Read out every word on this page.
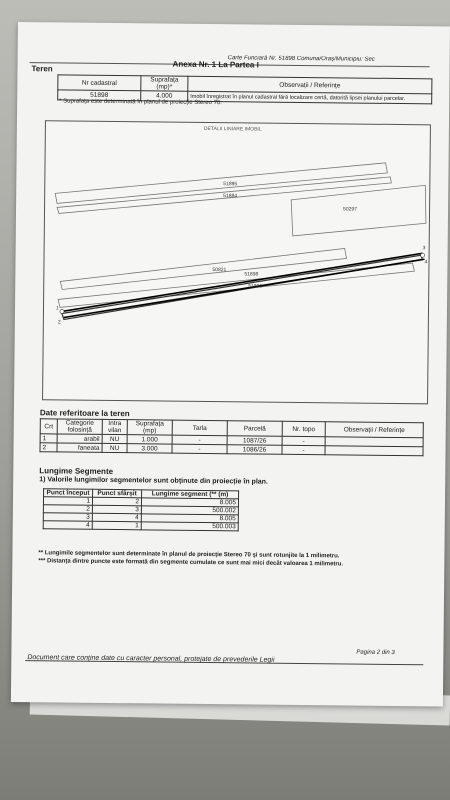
Carte Funciară Nr. 51898 Comuna/Oraș/Municipiu: Sec
Anexa Nr. 1 La Partea I
Teren
Nr cadastral	Suprafața (mp)*	Observații / Referințe
51898	4.000	Imobil înregistrat în planul cadastral fără localizare certă, datorită lipsei planului parcelar.
* Suprafața este determinată în planul de proiecție Stereo 70.
DETALII LINIARE IMOBIL
51895
51884
50297
50821
51898
51836
1
2
3
4
Date referitoare la teren
Crt	Categorie folosință	Intra vilan	Suprafața (mp)	Tarla	Parcelă	Nr. topo	Observații / Referințe
1	arabil	NU	1.000	-	1087/26	-	
2	faneata	NU	3.000	-	1086/26	-	
Lungime Segmente
1) Valorile lungimilor segmentelor sunt obținute din proiecție în plan.
Punct început	Punct sfârșit	Lungime segment (** (m)
1	2	8.005
2	3	500.002
3	4	8.005
4	1	500.003
** Lungimile segmentelor sunt determinate în planul de proiecție Stereo 70 și sunt rotunjite la 1 milimetru.
*** Distanța dintre puncte este formată din segmente cumulate ce sunt mai mici decât valoarea 1 milimetru.
Pagina 2 din 3
Document care conține date cu caracter personal, protejate de prevederile Legii
